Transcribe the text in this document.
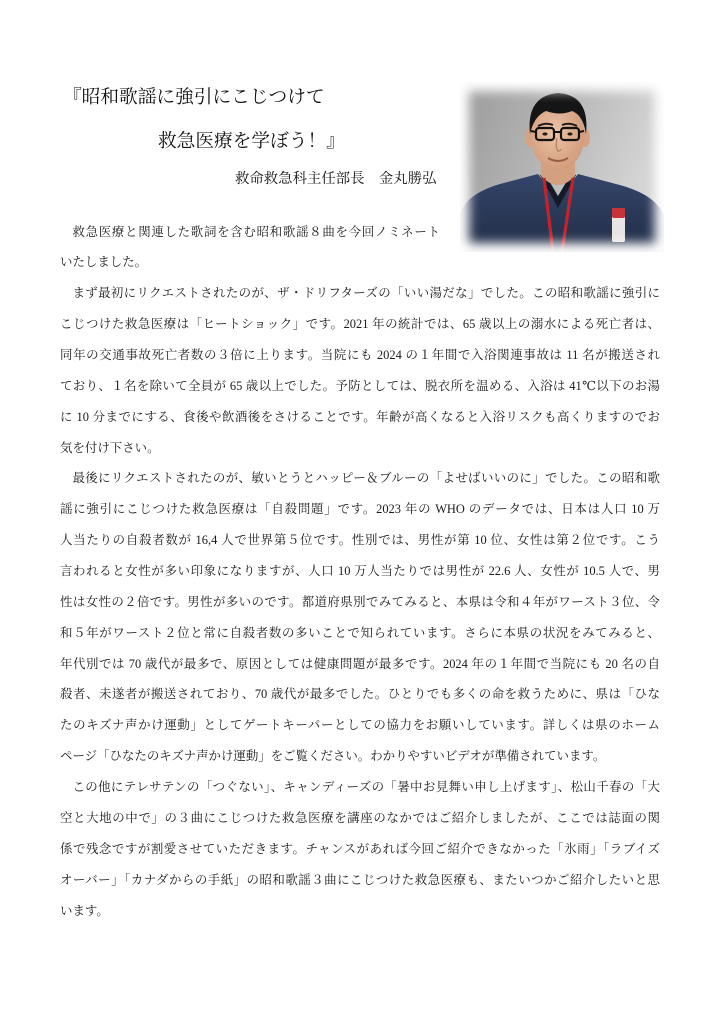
『昭和歌謡に強引にこじつけて
救急医療を学ぼう！』
救命救急科主任部長　金丸勝弘
救急医療と関連した歌詞を含む昭和歌謡８曲を今回ノミネート
いたしました。
まず最初にリクエストされたのが、ザ・ドリフターズの「いい湯だな」でした。この昭和歌謡に強引に
こじつけた救急医療は「ヒートショック」です。2021 年の統計では、65 歳以上の溺水による死亡者は、
同年の交通事故死亡者数の３倍に上ります。当院にも 2024 の１年間で入浴関連事故は 11 名が搬送され
ており、１名を除いて全員が 65 歳以上でした。予防としては、脱衣所を温める、入浴は 41℃以下のお湯
に 10 分までにする、食後や飲酒後をさけることです。年齢が高くなると入浴リスクも高くりますのでお
気を付け下さい。
最後にリクエストされたのが、敏いとうとハッピー＆ブルーの「よせばいいのに」でした。この昭和歌
謡に強引にこじつけた救急医療は「自殺問題」です。2023 年の WHO のデータでは、日本は人口 10 万
人当たりの自殺者数が 16,4 人で世界第５位です。性別では、男性が第 10 位、女性は第２位です。こう
言われると女性が多い印象になりますが、人口 10 万人当たりでは男性が 22.6 人、女性が 10.5 人で、男
性は女性の２倍です。男性が多いのです。都道府県別でみてみると、本県は令和４年がワースト３位、令
和５年がワースト２位と常に自殺者数の多いことで知られています。さらに本県の状況をみてみると、
年代別では 70 歳代が最多で、原因としては健康問題が最多です。2024 年の１年間で当院にも 20 名の自
殺者、未遂者が搬送されており、70 歳代が最多でした。ひとりでも多くの命を救うために、県は「ひな
たのキズナ声かけ運動」としてゲートキーパーとしての協力をお願いしています。詳しくは県のホーム
ページ「ひなたのキズナ声かけ運動」をご覧ください。わかりやすいビデオが準備されています。
この他にテレサテンの「つぐない」、キャンディーズの「暑中お見舞い申し上げます」、松山千春の「大
空と大地の中で」の３曲にこじつけた救急医療を講座のなかではご紹介しましたが、ここでは誌面の関
係で残念ですが割愛させていただきます。チャンスがあれば今回ご紹介できなかった「氷雨」「ラブイズ
オーバー」「カナダからの手紙」の昭和歌謡３曲にこじつけた救急医療も、またいつかご紹介したいと思
います。
